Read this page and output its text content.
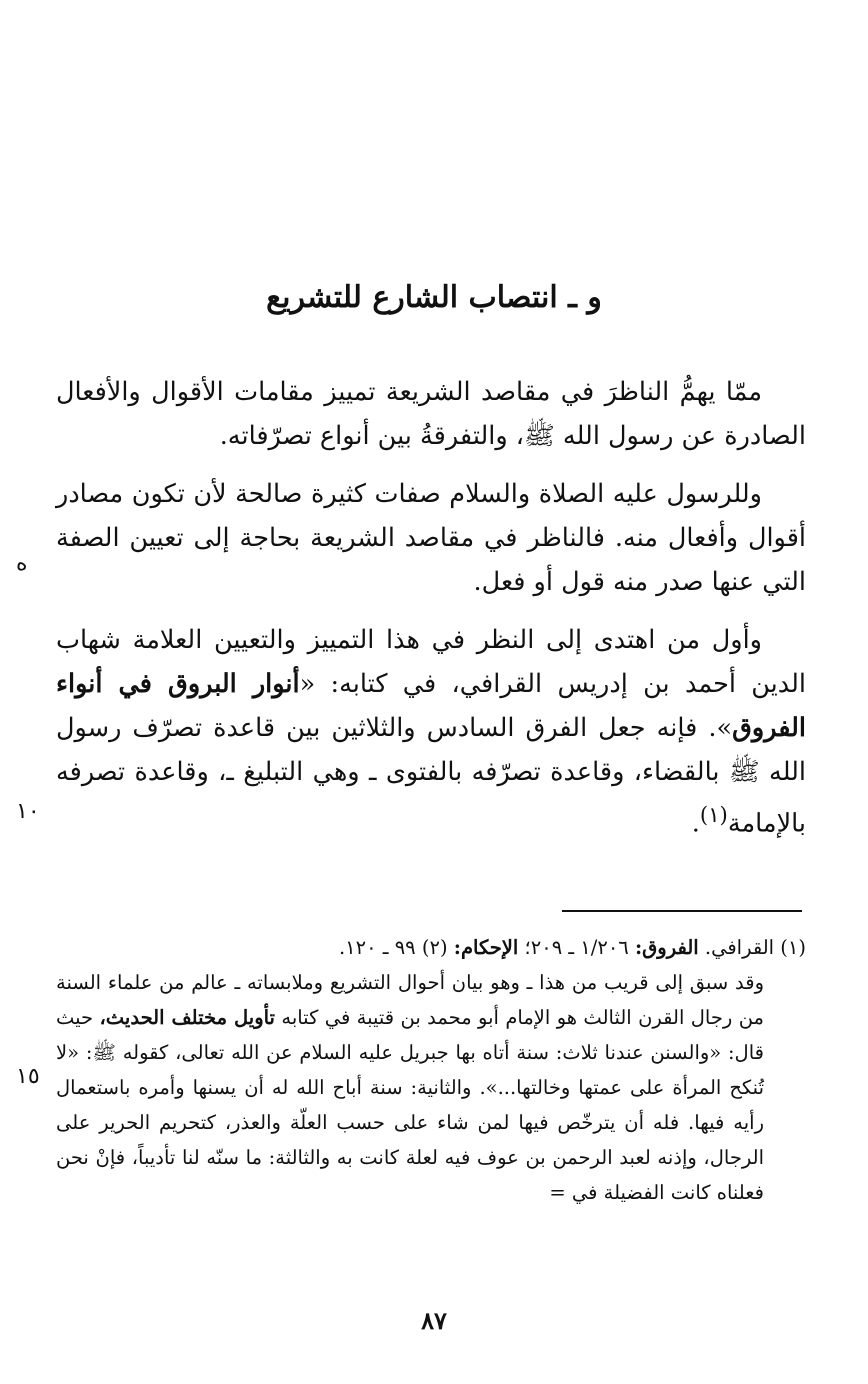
و ـ انتصاب الشارع للتشريع

ممّا يهمُّ الناظرَ في مقاصد الشريعة تمييز مقامات الأقوال والأفعال الصادرة عن رسول الله ﷺ، والتفرقةُ بين أنواع تصرّفاته.

وللرسول عليه الصلاة والسلام صفات كثيرة صالحة لأن تكون مصادر أقوال وأفعال منه. فالناظر في مقاصد الشريعة بحاجة إلى تعيين الصفة التي عنها صدر منه قول أو فعل.

وأول من اهتدى إلى النظر في هذا التمييز والتعيين العلامة شهاب الدين أحمد بن إدريس القرافي، في كتابه: «أنوار البروق في أنواء الفروق». فإنه جعل الفرق السادس والثلاثين بين قاعدة تصرّف رسول الله ﷺ بالقضاء، وقاعدة تصرّفه بالفتوى ـ وهي التبليغ ـ، وقاعدة تصرفه بالإمامة$^{(١)}$.

(١) القرافي. الفروق: ١/٢٠٦ ـ ٢٠٩؛ الإحكام: (٢) ٩٩ ـ ١٢٠.

وقد سبق إلى قريب من هذا ـ وهو بيان أحوال التشريع وملابساته ـ عالم من علماء السنة من رجال القرن الثالث هو الإمام أبو محمد بن قتيبة في كتابه تأويل مختلف الحديث، حيث قال: «والسنن عندنا ثلاث: سنة أتاه بها جبريل عليه السلام عن الله تعالى، كقوله ﷺ: «لا تُنكح المرأة على عمتها وخالتها...». والثانية: سنة أباح الله له أن يسنها وأمره باستعمال رأيه فيها. فله أن يترخّص فيها لمن شاء على حسب العلّة والعذر، كتحريم الحرير على الرجال، وإذنه لعبد الرحمن بن عوف فيه لعلة كانت به والثالثة: ما سنّه لنا تأديباً، فإنْ نحن فعلناه كانت الفضيلة في =

ه
١٠
١٥
٨٧
